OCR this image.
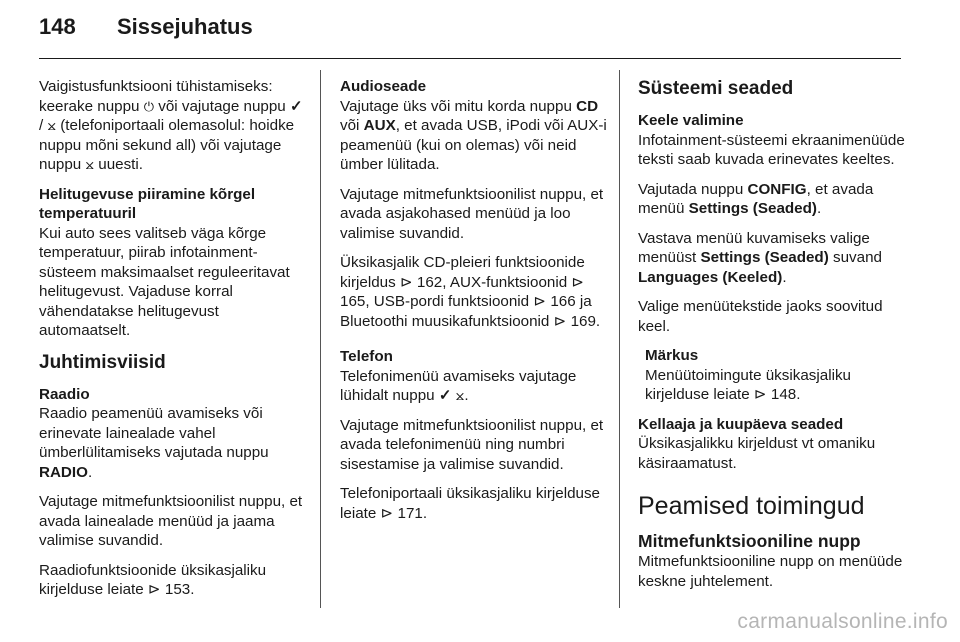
148 Sissejuhatus

Vaigistusfunktsiooni tühistamiseks: keerake nuppu ⏻ või vajutage nuppu ✓ / ⨲ (telefoniportaali olemasolul: hoidke nuppu mõni sekund all) või vajutage nuppu ⨲ uuesti.

Helitugevuse piiramine kõrgel temperatuuril

Kui auto sees valitseb väga kõrge temperatuur, piirab infotainment-süsteem maksimaalset reguleeritavat helitugevust. Vajaduse korral vähendatakse helitugevust automaatselt.

Juhtimisviisid

Raadio

Raadio peamenüü avamiseks või erinevate lainealade vahel ümberlülitamiseks vajutada nuppu RADIO.

Vajutage mitmefunktsioonilist nuppu, et avada lainealade menüüd ja jaama valimise suvandid.

Raadiofunktsioonide üksikasjaliku kirjelduse leiate ⊳ 153.

Audioseade

Vajutage üks või mitu korda nuppu CD või AUX, et avada USB, iPodi või AUX-i peamenüü (kui on olemas) või neid ümber lülitada.

Vajutage mitmefunktsioonilist nuppu, et avada asjakohased menüüd ja loo valimise suvandid.

Üksikasjalik CD-pleieri funktsioonide kirjeldus ⊳ 162, AUX-funktsioonid ⊳ 165, USB-pordi funktsioonid ⊳ 166 ja Bluetoothi muusikafunktsioonid ⊳ 169.

Telefon

Telefonimenüü avamiseks vajutage lühidalt nuppu ✓ ⨲.

Vajutage mitmefunktsioonilist nuppu, et avada telefonimenüü ning numbri sisestamise ja valimise suvandid.

Telefoniportaali üksikasjaliku kirjelduse leiate ⊳ 171.

Süsteemi seaded

Keele valimine

Infotainment-süsteemi ekraanimenüüde teksti saab kuvada erinevates keeltes.

Vajutada nuppu CONFIG, et avada menüü Settings (Seaded).

Vastava menüü kuvamiseks valige menüüst Settings (Seaded) suvand Languages (Keeled).

Valige menüütekstide jaoks soovitud keel.

Märkus
Menüütoimingute üksikasjaliku kirjelduse leiate ⊳ 148.

Kellaaja ja kuupäeva seaded

Üksikasjalikku kirjeldust vt omaniku käsiraamatust.

Peamised toimingud
Mitmefunktsiooniline nupp

Mitmefunktsiooniline nupp on menüüde keskne juhtelement.

carmanualsonline.info
